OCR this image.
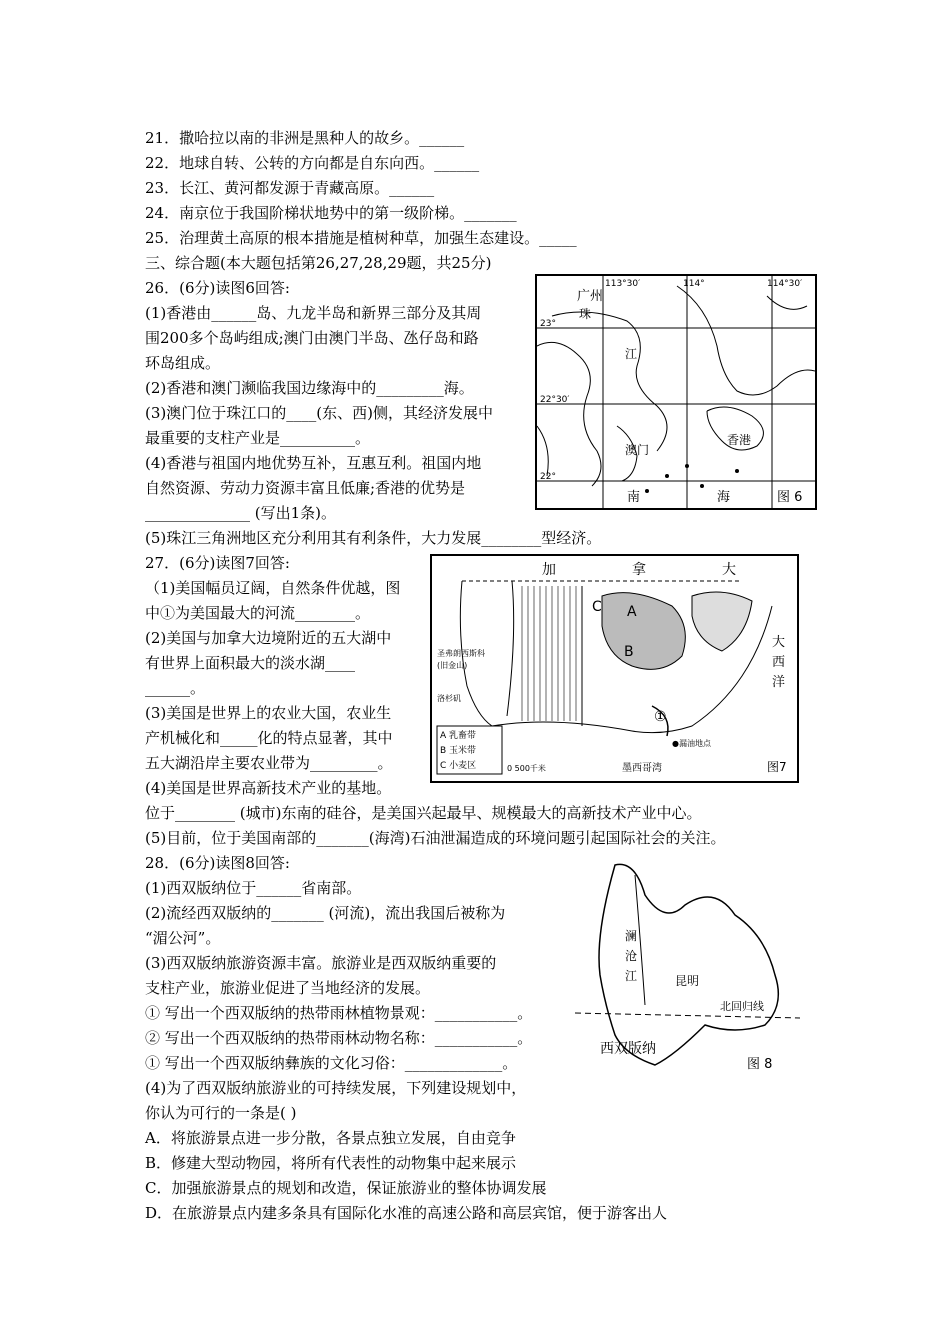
21．撒哈拉以南的非洲是黑种人的故乡。______
22．地球自转、公转的方向都是自东向西。______
23．长江、黄河都发源于青藏高原。______
24．南京位于我国阶梯状地势中的第一级阶梯。_______
25．治理黄土高原的根本措施是植树种草，加强生态建设。_____
三、综合题(本大题包括第26,27,28,29题，共25分)
26．(6分)读图6回答:
(1)香港由______岛、九龙半岛和新界三部分及其周
围200多个岛屿组成;澳门由澳门半岛、氹仔岛和路
环岛组成。
(2)香港和澳门濒临我国边缘海中的_________海。
(3)澳门位于珠江口的____(东、西)侧，其经济发展中
最重要的支柱产业是__________。
(4)香港与祖国内地优势互补，互惠互利。祖国内地
自然资源、劳动力资源丰富且低廉;香港的优势是
______________ (写出1条)。
(5)珠江三角洲地区充分利用其有利条件，大力发展________型经济。
27．(6分)读图7回答:
（1)美国幅员辽阔，自然条件优越，图
中①为美国最大的河流________。
(2)美国与加拿大边境附近的五大湖中
有世界上面积最大的淡水湖____
______。
(3)美国是世界上的农业大国，农业生
产机械化和_____化的特点显著，其中
五大湖沿岸主要农业带为_________。
(4)美国是世界高新技术产业的基地。
位于________ (城市)东南的硅谷，是美国兴起最早、规模最大的高新技术产业中心。
(5)目前，位于美国南部的_______(海湾)石油泄漏造成的环境问题引起国际社会的关注。
28．(6分)读图8回答:
(1)西双版纳位于______省南部。
(2)流经西双版纳的_______ (河流)，流出我国后被称为
“湄公河”。
(3)西双版纳旅游资源丰富。旅游业是西双版纳重要的
支柱产业，旅游业促进了当地经济的发展。
① 写出一个西双版纳的热带雨林植物景观：___________。
② 写出一个西双版纳的热带雨林动物名称：___________。
① 写出一个西双版纳彝族的文化习俗：_____________。
(4)为了西双版纳旅游业的可持续发展，下列建设规划中，
你认为可行的一条是( )
A．将旅游景点进一步分散，各景点独立发展，自由竞争
B．修建大型动物园，将所有代表性的动物集中起来展示
C．加强旅游景点的规划和改造，保证旅游业的整体协调发展
D．在旅游景点内建多条具有国际化水准的高速公路和高层宾馆，便于游客出人
113°30′	114°	114°30′
23°
22°30′
22°
广州
珠
江
澳门
香港
南	海	图 6
加	拿	大
大
西
洋
圣弗朗西斯科
(旧金山)
洛杉矶
A
B
C
①
●漏油地点
墨西哥湾
A 乳畜带
B 玉米带
C 小麦区	0 500千米	图7
澜
沧
江	昆明
北回归线
西双版纳
图 8
